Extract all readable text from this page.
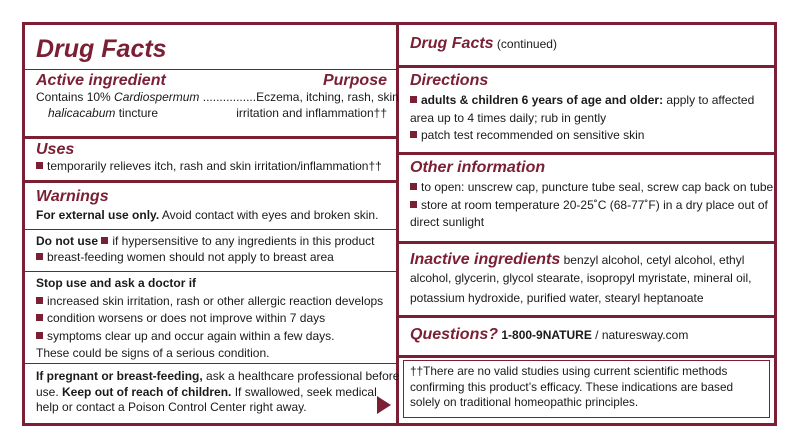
Drug Facts
Active ingredient	Purpose
Contains 10% Cardiospermum ................ Eczema, itching, rash, skin
halicacabum tincture	irritation and inflammation††
Uses
temporarily relieves itch, rash and skin irritation/inflammation††
Warnings
For external use only. Avoid contact with eyes and broken skin.
Do not use if hypersensitive to any ingredients in this product
breast-feeding women should not apply to breast area
Stop use and ask a doctor if
increased skin irritation, rash or other allergic reaction develops
condition worsens or does not improve within 7 days
symptoms clear up and occur again within a few days.
These could be signs of a serious condition.
If pregnant or breast-feeding, ask a healthcare professional before
use. Keep out of reach of children. If swallowed, seek medical
help or contact a Poison Control Center right away.
Drug Facts (continued)
Directions
adults & children 6 years of age and older: apply to affected
area up to 4 times daily; rub in gently
patch test recommended on sensitive skin
Other information
to open: unscrew cap, puncture tube seal, screw cap back on tube
store at room temperature 20-25˚C (68-77˚F) in a dry place out of
direct sunlight
Inactive ingredients benzyl alcohol, cetyl alcohol, ethyl
alcohol, glycerin, glycol stearate, isopropyl myristate, mineral oil,
potassium hydroxide, purified water, stearyl heptanoate
Questions? 1-800-9NATURE / naturesway.com
††There are no valid studies using current scientific methods
confirming this product’s efficacy. These indications are based
solely on traditional homeopathic principles.
